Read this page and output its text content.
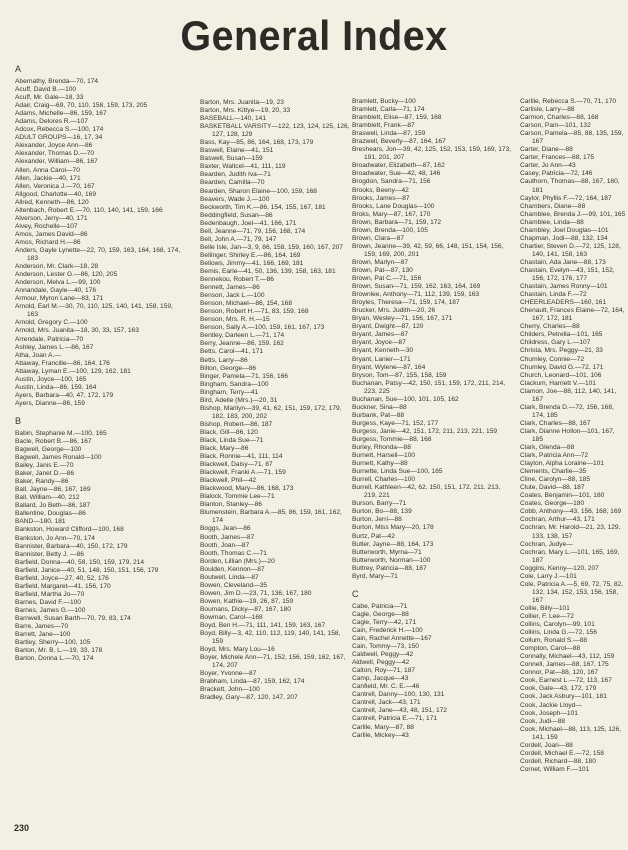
General Index
A
Abernathy, Brenda—70, 174
Acuff, David B.—100
Acuff, Mr. Gale—18, 33
Adair, Craig—69, 70, 110, 158, 159, 173, 205
Adams, Michelle—86, 159, 167
Adams, Delores R.—107
Adcox, Rebecca S.—100, 174
ADULT GROUPS—16, 17, 34
Alexander, Joyce Ann—86
Alexander, Thomas D.—70
Alexander, William—86, 167
Allen, Anna Carol—70
Allen, Jackie—40, 171
Allen, Veronica J.—70, 167
Allgood, Charlotte—40, 169
Allred, Kenneth—86, 120
Altenbach, Robert E.—70, 110, 140, 141, 159, 166
Alverson, Jerry—40, 171
Alvey, Rochelle—107
Amos, James David—86
Amos, Richard H.—86
Anders, Gayle Lynette—22, 70, 159, 163, 164, 168, 174, 183
Anderson, Mr. Clark—18, 28
Anderson, Lester G.—86, 120, 205
Anderson, Melva L.—99, 100
Annandale, Gayle—40, 176
Armour, Myron Lane—83, 171
Arnold, Earl M.—30, 70, 110, 125, 140, 141, 158, 159, 163
Arnold, Gregory C.—100
Arnold, Mrs. Juanita—18, 30, 33, 157, 163
Arrendale, Patricia—70
Ashley, James L.—86, 167
Atha, Joan A.—
Attaway, Francille—86, 164, 176
Attaway, Lyman E.—100, 129, 162, 181
Austin, Joyce—100, 165
Austin, Linda—86, 159, 164
Ayers, Barbara—40, 47, 172, 179
Ayers, Dianne—86, 159
B
Babin, Stephanie M.—100, 165
Bacle, Robert B.—86, 167
Bagwell, George—100
Bagwell, James Ronald—100
Bailey, Janis E.—70
Baker, Janet D.—86
Baker, Randy—86
Ball, Jayne—86, 167, 169
Ball, William—40, 212
Ballard, Jo Beth—86, 187
Ballentine, Douglas—86
BAND—180, 181
Bankston, Howard Clifford—100, 168
Bankston, Jo Ann—70, 174
Bannister, Barbara—40, 150, 172, 179
Bannister, Betty J. —86
Barfield, Donna—40, 58, 150, 159, 179, 214
Barfield, Janice—40, 51, 148, 150, 151, 156, 179
Barfield, Joyce—27, 40, 52, 176
Barfield, Margaret—41, 156, 170
Barfield, Martha Jo—70
Barnes, David F.—100
Barnes, James G.—100
Barnwell, Susan Barth—70, 79, 83, 174
Barre, James—70
Barrett, Jane—100
Bartley, Sherry—100, 105
Barton, Mr. B. L.—19, 33, 178
Barton, Donna L.—70, 174
Barton, Mrs. Juanita—19, 23
Barton, Mrs. Kittye—19, 20, 33
BASEBALL—140, 141
BASKETBALL VARSITY—122, 123, 124, 125, 126, 127, 128, 129
Bass, Kay—85, 86, 164, 168, 173, 179
Baswell, Elaine—41, 151
Baswell, Susan—159
Baxter, Waltcel—41, 111, 119
Bearden, Judith Iva—71
Bearden, Camilla—70
Bearden, Sharon Elaine—100, 159, 168
Beavers, Wade J.—100
Beckworth, Tim K.—86, 154, 155, 167, 181
Beddingfield, Susan—86
Bedenbaugh, Joel—41, 166, 171
Bell, Jeanne—71, 79, 156, 168, 174
Bell, John A.—71, 79, 147
Belle Isle, Jan—3, 9, 86, 158, 159, 160, 167, 207
Bellinger, Shirley E.—86, 164, 169
Bellows, Jimmy—41, 166, 169, 181
Bemis, Earle—41, 50, 136, 139, 158, 163, 181
Bennekou, Robert T.—86
Bennett, James—86
Benson, Jack L.—100
Benson, Michael—86, 154, 168
Benson, Robert H.—71, 83, 159, 168
Benson, Mrs. R. H.—15
Benson, Sally A.—100, 159, 161, 167, 173
Bentley, Darleen L.—71, 174
Berry, Jeanne—86, 159, 162
Betts, Carol—41, 171
Betts, Larry—86
Bilton, George—86
Binger, Pamela—71, 156, 166
Bingham, Sandra—100
Bingham, Terry—41
Bird, Adelle (Mrs.)—20, 31
Bishop, Marilyn—39, 41, 62, 151, 159, 172, 179, 182, 183, 200, 202
Bishop, Robert—86, 187
Black, Gill—86, 120
Black, Linda Sue—71
Black, Mary—86
Black, Ronnie—41, 111, 114
Blackwell, Daisy—71, 87
Blackwell, Franki A.—71, 159
Blackwell, Phil—42
Blackwood, Mary—86, 168, 173
Blalock, Tommie Lee—71
Blanton, Stanley—86
Blumenstein, Barbara A.—85, 86, 159, 161, 162, 174
Boggs, Jean—86
Booth, James—87
Booth, Joan—87
Booth, Thomas C.—71
Borden, Lillian (Mrs.)—20
Boulden, Kennon—87
Boutwell, Linda—87
Bowen, Cleveland—35
Bowen, Jim D.—23, 71, 136, 167, 180
Bowen, Kathie—19, 26, 87, 159
Boumans, Dicky—87, 167, 180
Bowman, Carol—168
Boyd, Ben H.—71, 111, 141, 159, 163, 167
Boyd, Billy—3, 42, 110, 112, 119, 140, 141, 158, 159
Boyd, Mrs. Mary Lou—16
Boyer, Michele Ann—71, 152, 156, 159, 162, 167, 174, 207
Boyer, Yvonne—87
Brabham, Linda—87, 159, 162, 174
Brackett, John—100
Bradley, Gary—87, 120, 147, 207
Bramlett, Bucky—100
Bramlett, Carla—71, 174
Bramblett, Elise—87, 159, 168
Bramblett, Frank—87
Braswell, Linda—87, 159
Brazwell, Beverly—87, 164, 167
Breshears, Jon—39, 42, 125, 152, 153, 159, 169, 173, 191, 201, 207
Broadwater, Elizabeth—87, 162
Broadwater, Sue—42, 48, 146
Brogdon, Sandra—71, 156
Brooks, Beeny—42
Brooks, James—87
Brooks, Lane Douglas—100
Broks, Mary—87, 167, 170
Brown, Barbara—71, 159, 172
Brown, Brenda—100, 105
Brown, Clara—87
Brown, Jeanne—39, 42, 59, 66, 148, 151, 154, 156, 159, 169, 200, 201
Brown, Marlyn—87
Brown, Pat—87, 130
Brown, Pat C.—71, 156
Brown, Susan—71, 159, 162, 163, 164, 169
Brownlee, Anthony—71, 112, 139, 159, 163
Broyles, Theresa—71, 159, 174, 187
Brucker, Mrs. Judith—20, 26
Bryan, Wesley—71, 156, 167, 171
Bryant, Dwight—87, 120
Bryant, James—87
Bryant, Joyce—87
Bryant, Kenneth—30
Bryant, Lanier—171
Bryant, Wylene—87, 164
Bryson, Tom—87, 155, 158, 159
Buchanan, Patsy—42, 150, 151, 159, 172, 211, 214, 223, 225
Buchanan, Sue—100, 101, 105, 162
Buckner, Sina—88
Burbank, Pat—88
Burgess, Kaye—71, 152, 177
Burgess, Janie—42, 151, 172, 211, 213, 221, 159
Burgess, Tommie—88, 168
Burley, Rhonda—88
Burnett, Harsell—100
Burnett, Kathy—88
Burnette, Linda Sue—100, 165
Burrell, Charles—100
Burrell, Kathleen—42, 62, 150, 151, 172, 211, 213, 219, 221
Burson, Barry—71
Burton, Bo—88, 139
Burton, Jerri—88
Burton, Miss Mary—20, 178
Burtz, Pat—42
Butler, Jayne—88, 164, 173
Butterworth, Myrna—71
Butterworth, Norman—100
Buttrey, Patricia—88, 187
Byrd, Mary—71
C
Cabe, Patricia—71
Cagle, George—88
Cagle, Terry—42, 171
Cain, Frederick H.—100
Cain, Rachel Annette—167
Cain, Tommy—73, 150
Caldwell, Peggy—42
Aldwell, Peggy—42
Calton, Roy—71, 187
Camp, Jacque—43
Canfield, Mr. C. E.—46
Cantrell, Danny—100, 130, 131
Cantrell, Jack—43, 171
Cantrell, Jane—43, 48, 151, 172
Cantrell, Patricia E.—71, 171
Carlile, Mary—87, 88
Carlile, Mickey—43
Carlile, Rebecca S.—70, 71, 170
Carlisle, Larry—88
Carmon, Charles—88, 168
Carson, Pam—101, 132
Carson, Pamela—85, 88, 135, 159, 167
Carter, Diane—88
Carter, Frances—88, 175
Carter, Jo Ann—43
Casey, Patricia—72, 146
Cauthorn, Thomas—88, 167, 180, 181
Caylor, Phyllis F.—72, 164, 187
Chambers, Diane—88
Chamblee, Brenda J.—99, 101, 165
Chamblee, Linda—88
Chambley, Joel Douglas—101
Chapman, Jodi—88, 132, 134
Chartier, Steven D.—72, 125, 128, 140, 141, 158, 163
Chastain, Ada Jane—88, 173
Chastain, Evelyn—43, 151, 152, 156, 172, 176, 177
Chastain, James Ronny—101
Chastain, Linda F.—72
CHEERLEADERS—160, 161
Chenault, Frances Elaine—72, 164, 167, 172, 181
Cherry, Charles—88
Childers, Petrella—101, 165
Childress, Gary L.—107
Christa, Mrs. Peggy—21, 33
Chumley, Connie—72
Chumley, David G.—72, 171
Church, Leonard—101, 106
Clackum, Harriett V.—101
Clamon, Joe—88, 112, 140, 141, 167
Clark, Brenda D.—72, 156, 168, 174, 185
Clark, Charles—88, 167
Clark, Dianne Hollon—101, 167, 185
Clark, Glenda—88
Clark, Patricia Ann—72
Clayton, Alpha Loraine—101
Clements, Charlie—35
Cline, Carolyn—88, 185
Clute, David—88, 187
Coates, Benjamin—101, 180
Coates, George—180
Cobb, Anthony—43, 156, 168, 169
Cochran, Arthur—43, 171
Cochran, Mr. Harold—21, 23, 129, 133, 138, 157
Cochran, Judye—
Cochran, Mary L.—101, 165, 169, 187
Coggins, Kenny—120, 207
Cole, Larry J.—101
Cole, Patricia A.—5, 69, 72, 75, 82, 132, 134, 152, 153, 156, 158, 167
Collie, Billy—101
Collier, F. Lee—72
Collins, Carolyn—99, 101
Collins, Linda G.—72, 156
Collum, Ronald S.—88
Compton, Carol—88
Connally, Michael—43, 112, 159
Connell, James—88, 167, 175
Connor, Pat—88, 120, 167
Cook, Earnest L.—72, 113, 167
Cook, Gale—43, 172, 179
Cook, Jack Asbury—101, 181
Cook, Jackie Lloyd—
Cook, Joseph—101
Cook, Judi—88
Cook, Michael—88, 113, 125, 126, 141, 159
Cordell, Joan—88
Cordell, Michael E.—72, 158
Cordell, Richard—88, 180
Cornet, William F.—101
230
